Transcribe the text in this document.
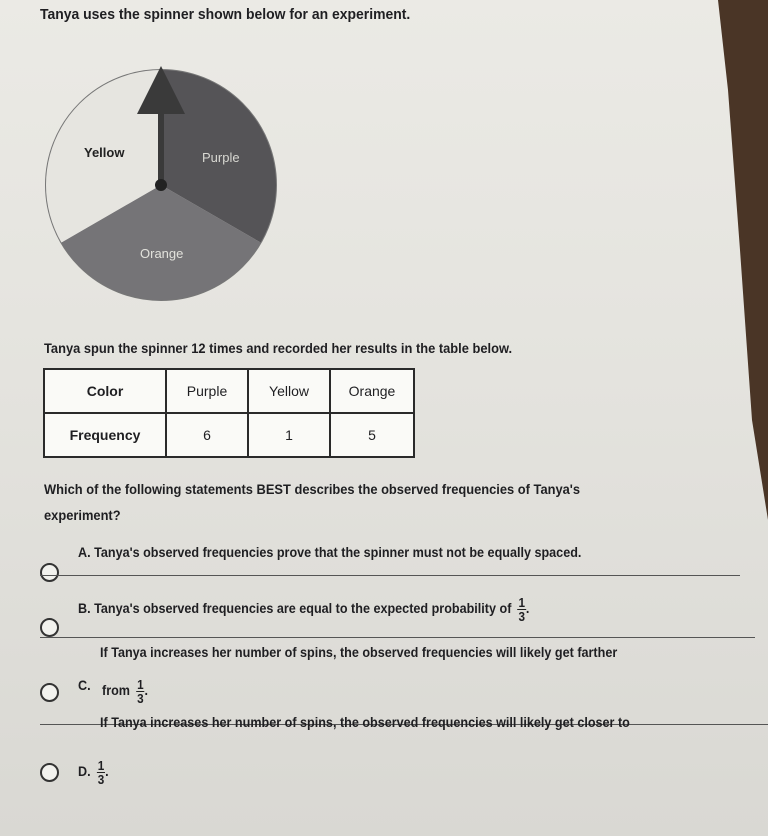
Tanya uses the spinner shown below for an experiment.
Yellow	Purple
Orange
Tanya spun the spinner 12 times and recorded her results in the table below.
Color	Purple	Yellow	Orange
Frequency	6	1	5
Which of the following statements BEST describes the observed frequencies of Tanya's experiment?
A. Tanya's observed frequencies prove that the spinner must not be equally spaced.
B. Tanya's observed frequencies are equal to the expected probability of $\frac{1}{3}$ .
If Tanya increases her number of spins, the observed frequencies will likely get farther
C. from $\frac{1}{3}$ .
If Tanya increases her number of spins, the observed frequencies will likely get closer to
D. $\frac{1}{3}$ .
